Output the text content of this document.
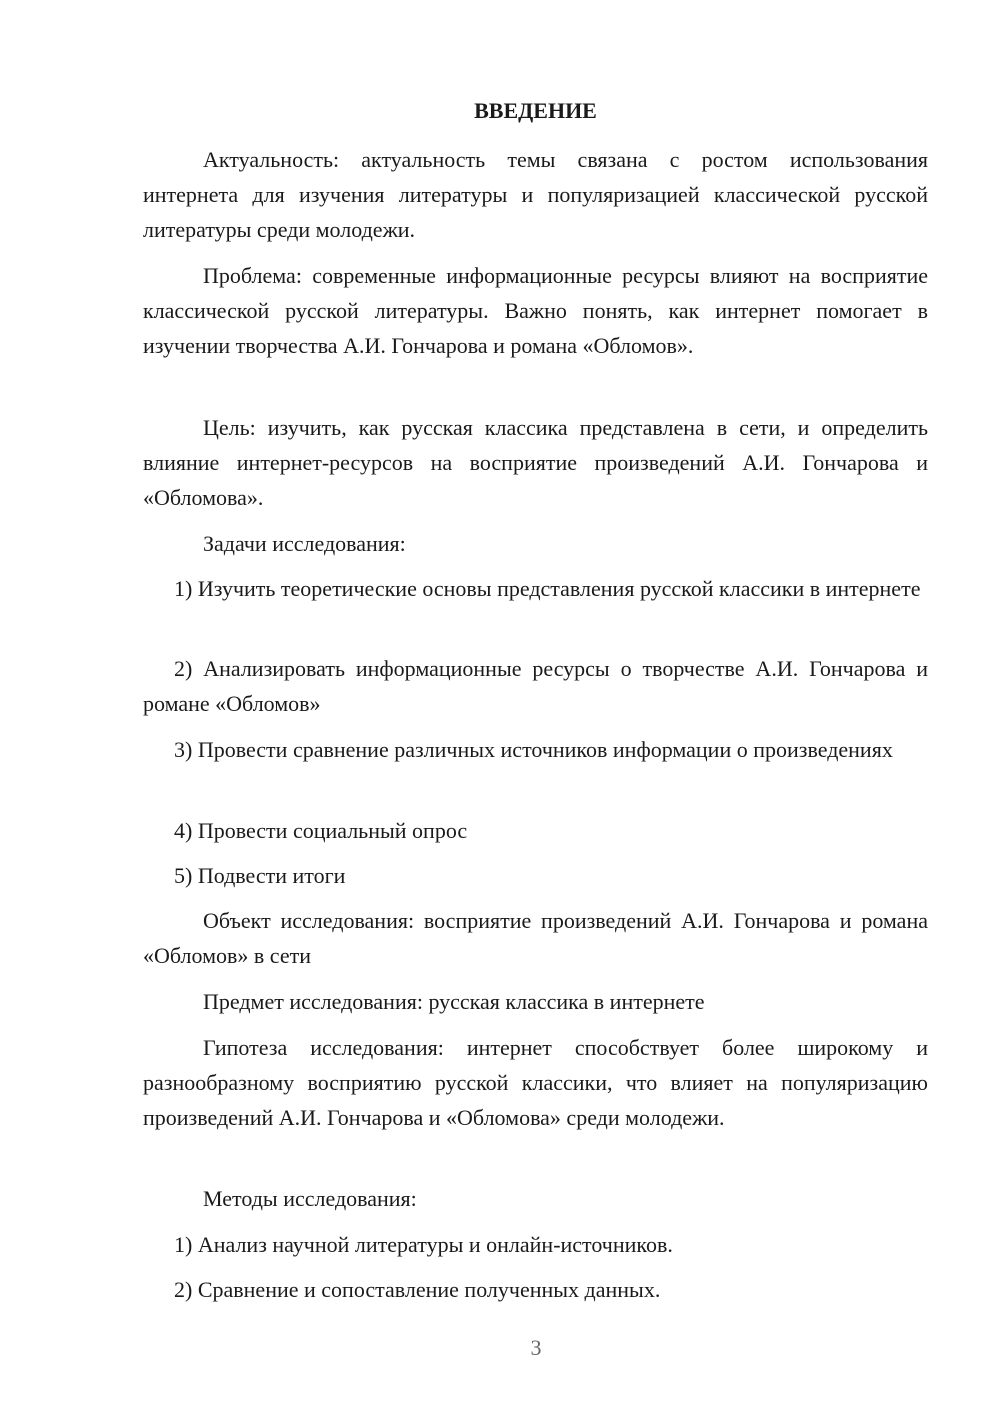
ВВЕДЕНИЕ

Актуальность: актуальность темы связана с ростом использования интернета для изучения литературы и популяризацией классической русской литературы среди молодежи.

Проблема: современные информационные ресурсы влияют на восприятие классической русской литературы. Важно понять, как интернет помогает в изучении творчества А.И. Гончарова и романа «Обломов».

Цель: изучить, как русская классика представлена в сети, и определить влияние интернет-ресурсов на восприятие произведений А.И. Гончарова и «Обломова».

Задачи исследования:

1) Изучить теоретические основы представления русской классики в интернете

2) Анализировать информационные ресурсы о творчестве А.И. Гончарова и романе «Обломов»

3) Провести сравнение различных источников информации о произведениях

4) Провести социальный опрос

5) Подвести итоги

Объект исследования: восприятие произведений А.И. Гончарова и романа «Обломов» в сети

Предмет исследования: русская классика в интернете

Гипотеза исследования: интернет способствует более широкому и разнообразному восприятию русской классики, что влияет на популяризацию произведений А.И. Гончарова и «Обломова» среди молодежи.

Методы исследования:

1) Анализ научной литературы и онлайн-источников.

2) Сравнение и сопоставление полученных данных.

3
